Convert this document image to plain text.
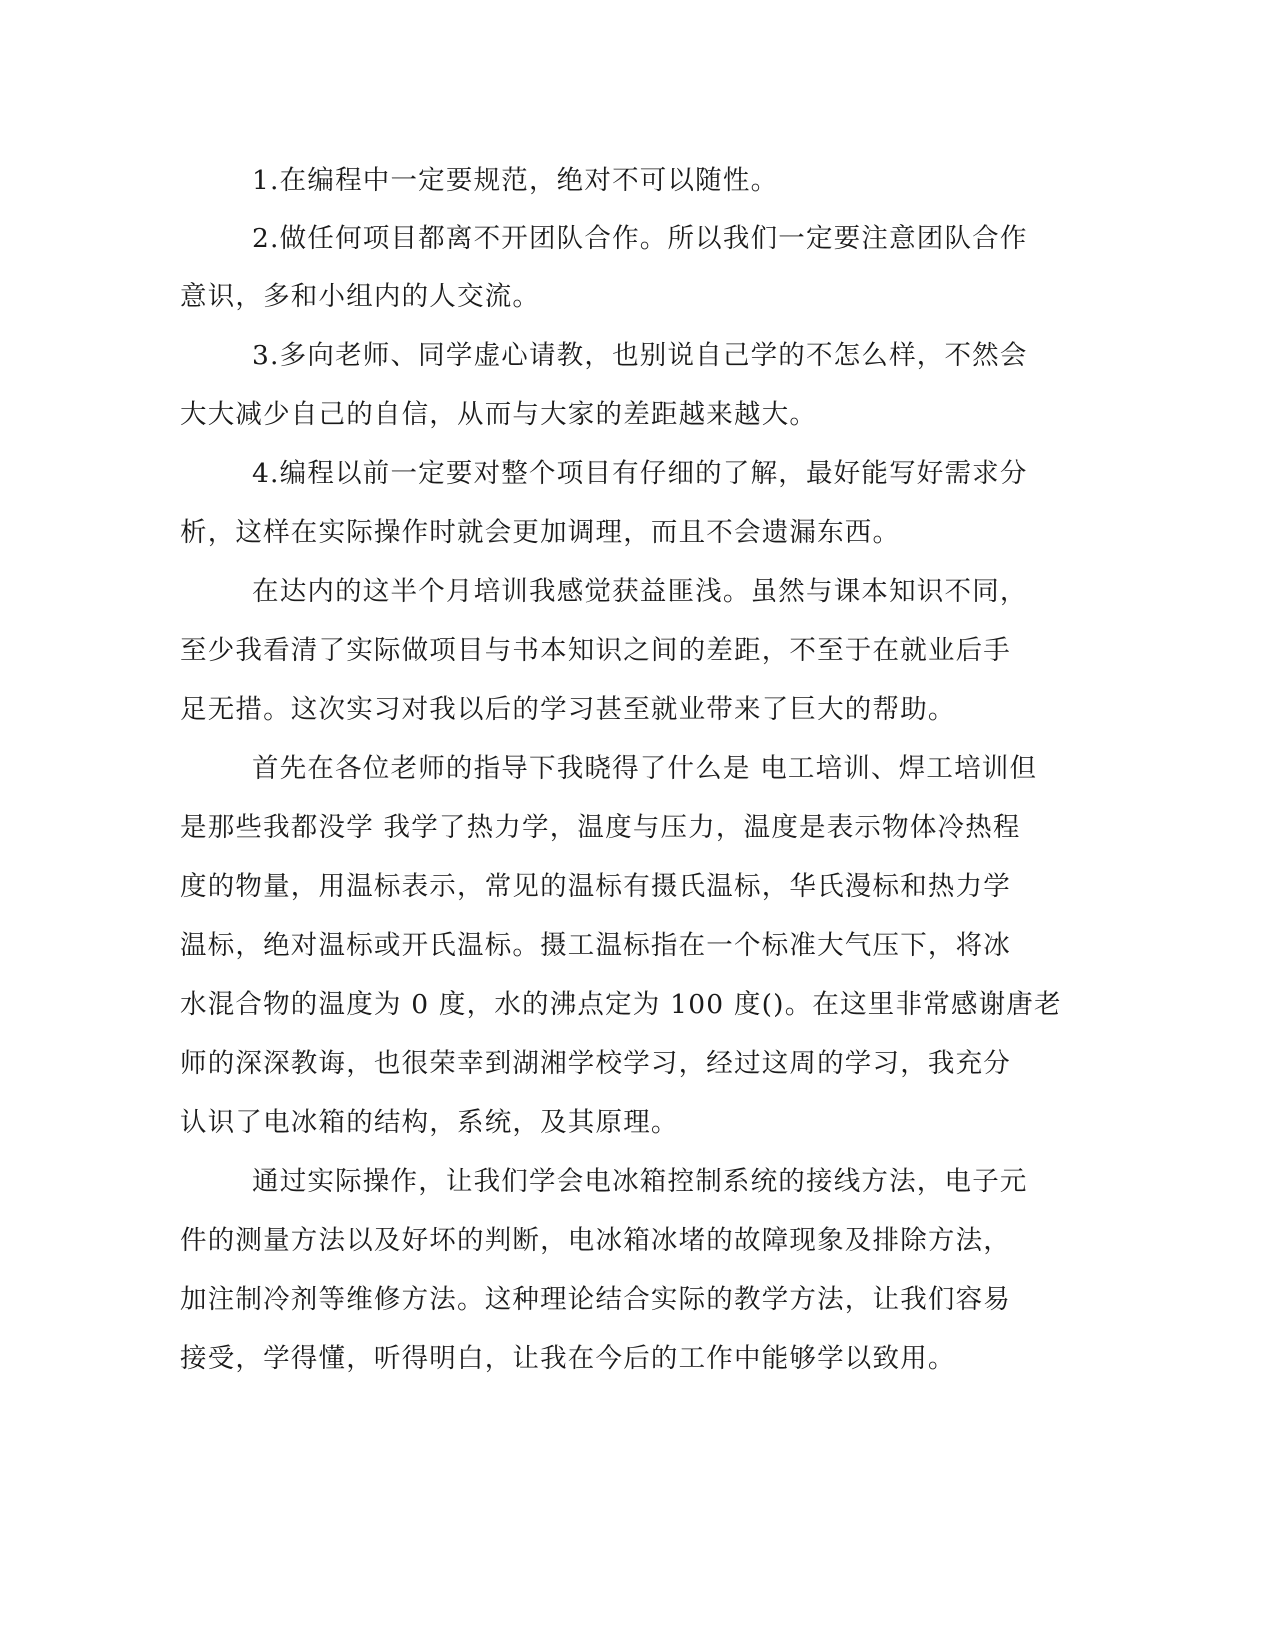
1.在编程中一定要规范，绝对不可以随性。
2.做任何项目都离不开团队合作。所以我们一定要注意团队合作
意识，多和小组内的人交流。
3.多向老师、同学虚心请教，也别说自己学的不怎么样，不然会
大大减少自己的自信，从而与大家的差距越来越大。
4.编程以前一定要对整个项目有仔细的了解，最好能写好需求分
析，这样在实际操作时就会更加调理，而且不会遗漏东西。
在达内的这半个月培训我感觉获益匪浅。虽然与课本知识不同，
至少我看清了实际做项目与书本知识之间的差距，不至于在就业后手
足无措。这次实习对我以后的学习甚至就业带来了巨大的帮助。
首先在各位老师的指导下我晓得了什么是 电工培训、焊工培训但
是那些我都没学 我学了热力学，温度与压力，温度是表示物体冷热程
度的物量，用温标表示，常见的温标有摄氏温标，华氏漫标和热力学
温标，绝对温标或开氏温标。摄工温标指在一个标准大气压下，将冰
水混合物的温度为 0 度，水的沸点定为 100 度()。在这里非常感谢唐老
师的深深教诲，也很荣幸到湖湘学校学习，经过这周的学习，我充分
认识了电冰箱的结构，系统，及其原理。
通过实际操作，让我们学会电冰箱控制系统的接线方法，电子元
件的测量方法以及好坏的判断，电冰箱冰堵的故障现象及排除方法，
加注制冷剂等维修方法。这种理论结合实际的教学方法，让我们容易
接受，学得懂，听得明白，让我在今后的工作中能够学以致用。
